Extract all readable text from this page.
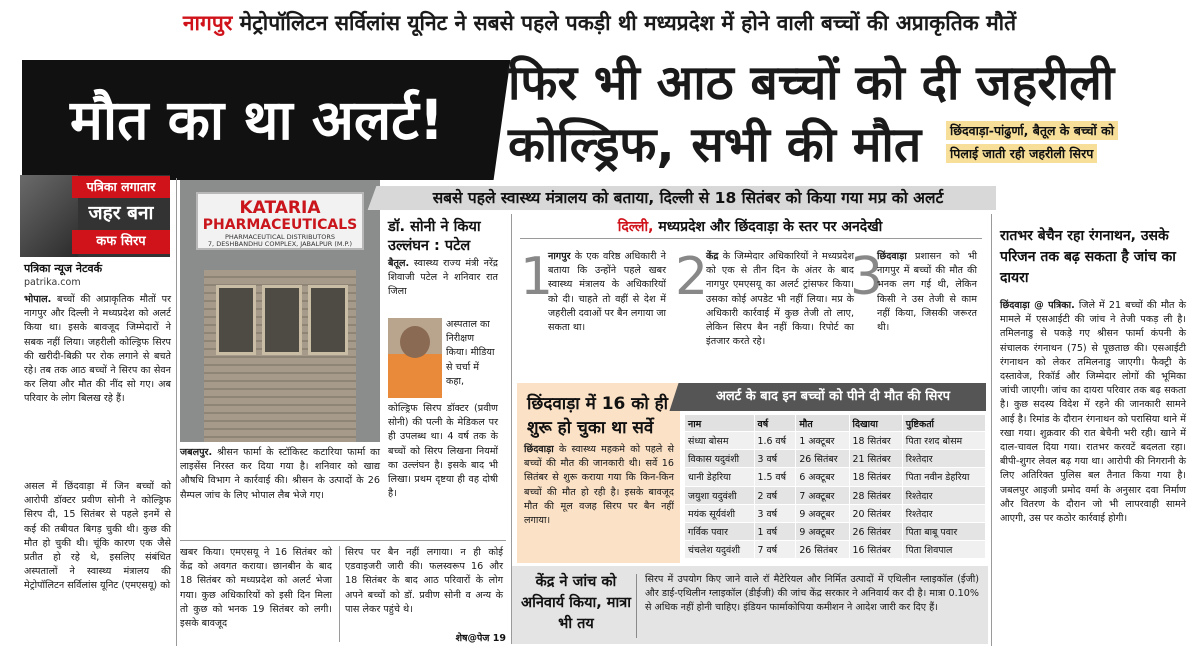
नागपुर मेट्रोपॉलिटन सर्विलांस यूनिट ने सबसे पहले पकड़ी थी मध्यप्रदेश में होने वाली बच्चों की अप्राकृतिक मौतें
मौत का था अलर्ट!
फिर भी आठ बच्चों को दी जहरीली
कोल्ड्रिफ, सभी की मौत	छिंदवाड़ा-पांढुर्णा, बैतूल के बच्चों को
पिलाई जाती रही जहरीली सिरप
पत्रिका लगातार
जहर बना
कफ सिरप
पत्रिका न्यूज नेटवर्क
patrika.com
भोपाल. बच्चों की अप्राकृतिक मौतों पर नागपुर और दिल्ली ने मध्यप्रदेश को अलर्ट किया था। इसके बावजूद जिम्मेदारों ने सबक नहीं लिया। जहरीली कोल्ड्रिफ सिरप की खरीदी-बिक्री पर रोक लगाने से बचते रहे। तब तक आठ बच्चों ने सिरप का सेवन कर लिया और मौत की नींद सो गए। अब परिवार के लोग बिलख रहे हैं।
असल में छिंदवाड़ा में जिन बच्चों को आरोपी डॉक्टर प्रवीण सोनी ने कोल्ड्रिफ सिरप दी, 15 सितंबर से पहले इनमें से कई की तबीयत बिगड़ चुकी थी। कुछ की मौत हो चुकी थी। चूंकि कारण एक जैसे प्रतीत हो रहे थे, इसलिए संबंधित अस्पतालों ने स्वास्थ्य मंत्रालय की मेट्रोपॉलिटन सर्विलांस यूनिट (एमएसयू) को
KATARIA
PHARMACEUTICALS
PHARMACEUTICAL DISTRIBUTORS
7, DESHBANDHU COMPLEX, JABALPUR (M.P.)
जबलपुर. श्रीसन फार्मा के स्टॉकिस्ट कटारिया फार्मा का लाइसेंस निरस्त कर दिया गया है। शनिवार को खाद्य औषधि विभाग ने कार्रवाई की। श्रीसन के उत्पादों के 26 सैम्पल जांच के लिए भोपाल लैब भेजे गए।
डॉ. सोनी ने किया उल्लंघन : पटेल
बैतूल. स्वास्थ्य राज्य मंत्री नरेंद्र शिवाजी पटेल ने शनिवार रात जिला
अस्पताल का निरीक्षण किया। मीडिया से चर्चा में कहा,
कोल्ड्रिफ सिरप डॉक्टर (प्रवीण सोनी) की पत्नी के मेडिकल पर ही उपलब्ध था। 4 वर्ष तक के बच्चों को सिरप लिखना नियमों का उल्लंघन है। इसके बाद भी लिखा। प्रथम दृष्टया ही वह दोषी है।
खबर किया। एमएसयू ने 16 सितंबर को केंद्र को अवगत कराया। छानबीन के बाद 18 सितंबर को मध्यप्रदेश को अलर्ट भेजा गया। कुछ अधिकारियों को इसी दिन मिला तो कुछ को भनक 19 सितंबर को लगी। इसके बावजूद
सिरप पर बैन नहीं लगाया। न ही कोई एडवाइजरी जारी की। फलस्वरूप 16 और 18 सितंबर के बाद आठ परिवारों के लोग अपने बच्चों को डॉ. प्रवीण सोनी व अन्य के पास लेकर पहुंचे थे।
शेष@पेज 19
सबसे पहले स्वास्थ्य मंत्रालय को बताया, दिल्ली से 18 सितंबर को किया गया मप्र को अलर्ट
दिल्ली, मध्यप्रदेश और छिंदवाड़ा के स्तर पर अनदेखी
1
नागपुर के एक वरिष्ठ अधिकारी ने बताया कि उन्होंने पहले खबर स्वास्थ्य मंत्रालय के अधिकारियों को दी। चाहते तो वहीं से देश में जहरीली दवाओं पर बैन लगाया जा सकता था।
2
केंद्र के जिम्मेदार अधिकारियों ने मध्यप्रदेश को एक से तीन दिन के अंतर के बाद नागपुर एमएसयू का अलर्ट ट्रांसफर किया। उसका कोई अपडेट भी नहीं लिया। मप्र के अधिकारी कार्रवाई में कुछ तेजी तो लाए, लेकिन सिरप बैन नहीं किया। रिपोर्ट का इंतजार करते रहे।
3
छिंदवाड़ा प्रशासन को भी नागपुर में बच्चों की मौत की भनक लग गई थी, लेकिन किसी ने उस तेजी से काम नहीं किया, जिसकी जरूरत थी।
छिंदवाड़ा में 16 को ही शुरू हो चुका था सर्वे
छिंदवाड़ा के स्वास्थ्य महकमे को पहले से बच्चों की मौत की जानकारी थी। सर्वे 16 सितंबर से शुरू कराया गया कि किन-किन बच्चों की मौत हो रही है। इसके बावजूद मौत की मूल वजह सिरप पर बैन नहीं लगाया।
अलर्ट के बाद इन बच्चों को पीने दी मौत की सिरप
नाम	वर्ष	मौत	दिखाया	पुष्टिकर्ता
संध्या बोसम	1.6 वर्ष	1 अक्टूबर	18 सितंबर	पिता रशद बोसम
विकास यदुवंशी	3 वर्ष	26 सितंबर	21 सितंबर	रिश्तेदार
धानी डेहरिया	1.5 वर्ष	6 अक्टूबर	18 सितंबर	पिता नवीन डेहरिया
जयुशा यदुवंशी	2 वर्ष	7 अक्टूबर	28 सितंबर	रिश्तेदार
मयंक सूर्यवंशी	3 वर्ष	9 अक्टूबर	20 सितंबर	रिश्तेदार
गर्विक पवार	1 वर्ष	9 अक्टूबर	26 सितंबर	पिता बाबू पवार
चंचलेश यदुवंशी	7 वर्ष	26 सितंबर	16 सितंबर	पिता शिवपाल
केंद्र ने जांच को अनिवार्य किया, मात्रा भी तय
सिरप में उपयोग किए जाने वाले रॉ मैटेरियल और निर्मित उत्पादों में एथिलीन ग्लाइकॉल (ईजी) और डाई-एथिलीन ग्लाइकॉल (डीईजी) की जांच केंद्र सरकार ने अनिवार्य कर दी है। मात्रा 0.10% से अधिक नहीं होनी चाहिए। इंडियन फार्माकोपिया कमीशन ने आदेश जारी कर दिए हैं।
रातभर बेचैन रहा रंगनाथन, उसके परिजन तक बढ़ सकता है जांच का दायरा
छिंदवाड़ा @ पत्रिका. जिले में 21 बच्चों की मौत के मामले में एसआईटी की जांच ने तेजी पकड़ ली है। तमिलनाडु से पकड़े गए श्रीसन फार्मा कंपनी के संचालक रंगनाथन (75) से पूछताछ की। एसआईटी रंगनाथन को लेकर तमिलनाडु जाएगी। फैक्ट्री के दस्तावेज, रिकॉर्ड और जिम्मेदार लोगों की भूमिका जांची जाएगी। जांच का दायरा परिवार तक बढ़ सकता है। कुछ सदस्य विदेश में रहने की जानकारी सामने आई है। रिमांड के दौरान रंगनाथन को परासिया थाने में रखा गया। शुक्रवार की रात बेचैनी भरी रही। खाने में दाल-चावल दिया गया। रातभर करवटें बदलता रहा। बीपी-शुगर लेवल बढ़ गया था। आरोपी की निगरानी के लिए अतिरिक्त पुलिस बल तैनात किया गया है। जबलपुर आइजी प्रमोद वर्मा के अनुसार दवा निर्माण और वितरण के दौरान जो भी लापरवाही सामने आएगी, उस पर कठोर कार्रवाई होगी।
